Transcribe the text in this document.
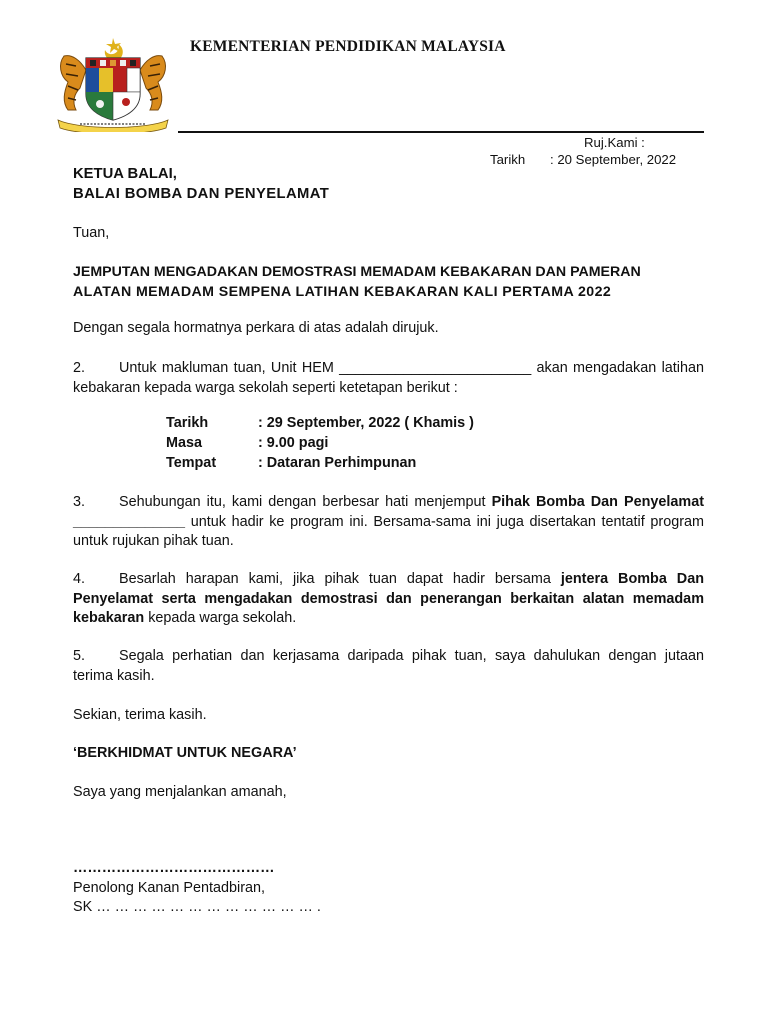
KEMENTERIAN PENDIDIKAN MALAYSIA
Ruj.Kami :
Tarikh : 20 September, 2022

KETUA BALAI,

BALAI BOMBA DAN PENYELAMAT

Tuan,

JEMPUTAN MENGADAKAN DEMOSTRASI MEMADAM KEBAKARAN DAN PAMERAN

ALATAN MEMADAM SEMPENA LATIHAN KEBAKARAN KALI PERTAMA 2022

Dengan segala hormatnya perkara di atas adalah dirujuk.
2. Untuk makluman tuan, Unit HEM ________________________ akan mengadakan latihan kebakaran kepada warga sekolah seperti ketetapan berikut :
Tarikh	: 29 September, 2022 ( Khamis )
Masa	: 9.00 pagi
Tempat	: Dataran Perhimpunan
3. Sehubungan itu, kami dengan berbesar hati menjemput Pihak Bomba Dan Penyelamat ______________ untuk hadir ke program ini. Bersama-sama ini juga disertakan tentatif program untuk rujukan pihak tuan.
4. Besarlah harapan kami, jika pihak tuan dapat hadir bersama jentera Bomba Dan Penyelamat serta mengadakan demostrasi dan penerangan berkaitan alatan memadam kebakaran kepada warga sekolah.
5. Segala perhatian dan kerjasama daripada pihak tuan, saya dahulukan dengan jutaan terima kasih.
Sekian, terima kasih.
‘BERKHIDMAT UNTUK NEGARA’
Saya yang menjalankan amanah,

……………………………………

Penolong Kanan Pentadbiran,

SK … … … … … … … … … … … … .
